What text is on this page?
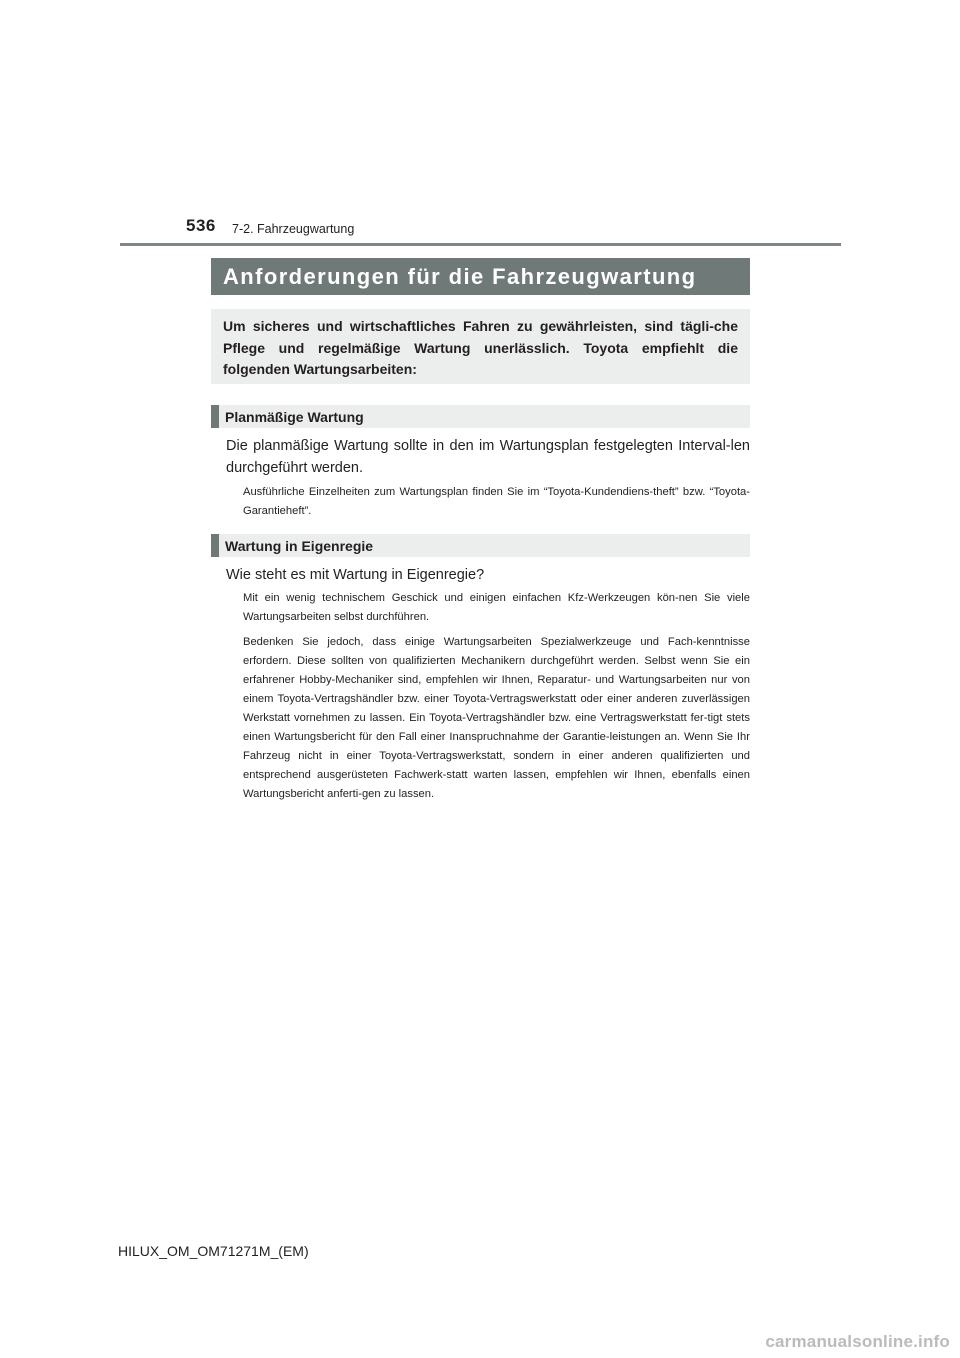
536 7-2. Fahrzeugwartung
Anforderungen für die Fahrzeugwartung

Um sicheres und wirtschaftliches Fahren zu gewährleisten, sind tägli-che Pflege und regelmäßige Wartung unerlässlich. Toyota empfiehlt die folgenden Wartungsarbeiten:

Planmäßige Wartung

Die planmäßige Wartung sollte in den im Wartungsplan festgelegten Interval-len durchgeführt werden.

Ausführliche Einzelheiten zum Wartungsplan finden Sie im “Toyota-Kundendiens-theft” bzw. “Toyota-Garantieheft”.

Wartung in Eigenregie

Wie steht es mit Wartung in Eigenregie?

Mit ein wenig technischem Geschick und einigen einfachen Kfz-Werkzeugen kön-nen Sie viele Wartungsarbeiten selbst durchführen.

Bedenken Sie jedoch, dass einige Wartungsarbeiten Spezialwerkzeuge und Fach-kenntnisse erfordern. Diese sollten von qualifizierten Mechanikern durchgeführt werden. Selbst wenn Sie ein erfahrener Hobby-Mechaniker sind, empfehlen wir Ihnen, Reparatur- und Wartungsarbeiten nur von einem Toyota-Vertragshändler bzw. einer Toyota-Vertragswerkstatt oder einer anderen zuverlässigen Werkstatt vornehmen zu lassen. Ein Toyota-Vertragshändler bzw. eine Vertragswerkstatt fer-tigt stets einen Wartungsbericht für den Fall einer Inanspruchnahme der Garantie-leistungen an. Wenn Sie Ihr Fahrzeug nicht in einer Toyota-Vertragswerkstatt, sondern in einer anderen qualifizierten und entsprechend ausgerüsteten Fachwerk-statt warten lassen, empfehlen wir Ihnen, ebenfalls einen Wartungsbericht anferti-gen zu lassen.

HILUX_OM_OM71271M_(EM)
carmanualsonline.info
